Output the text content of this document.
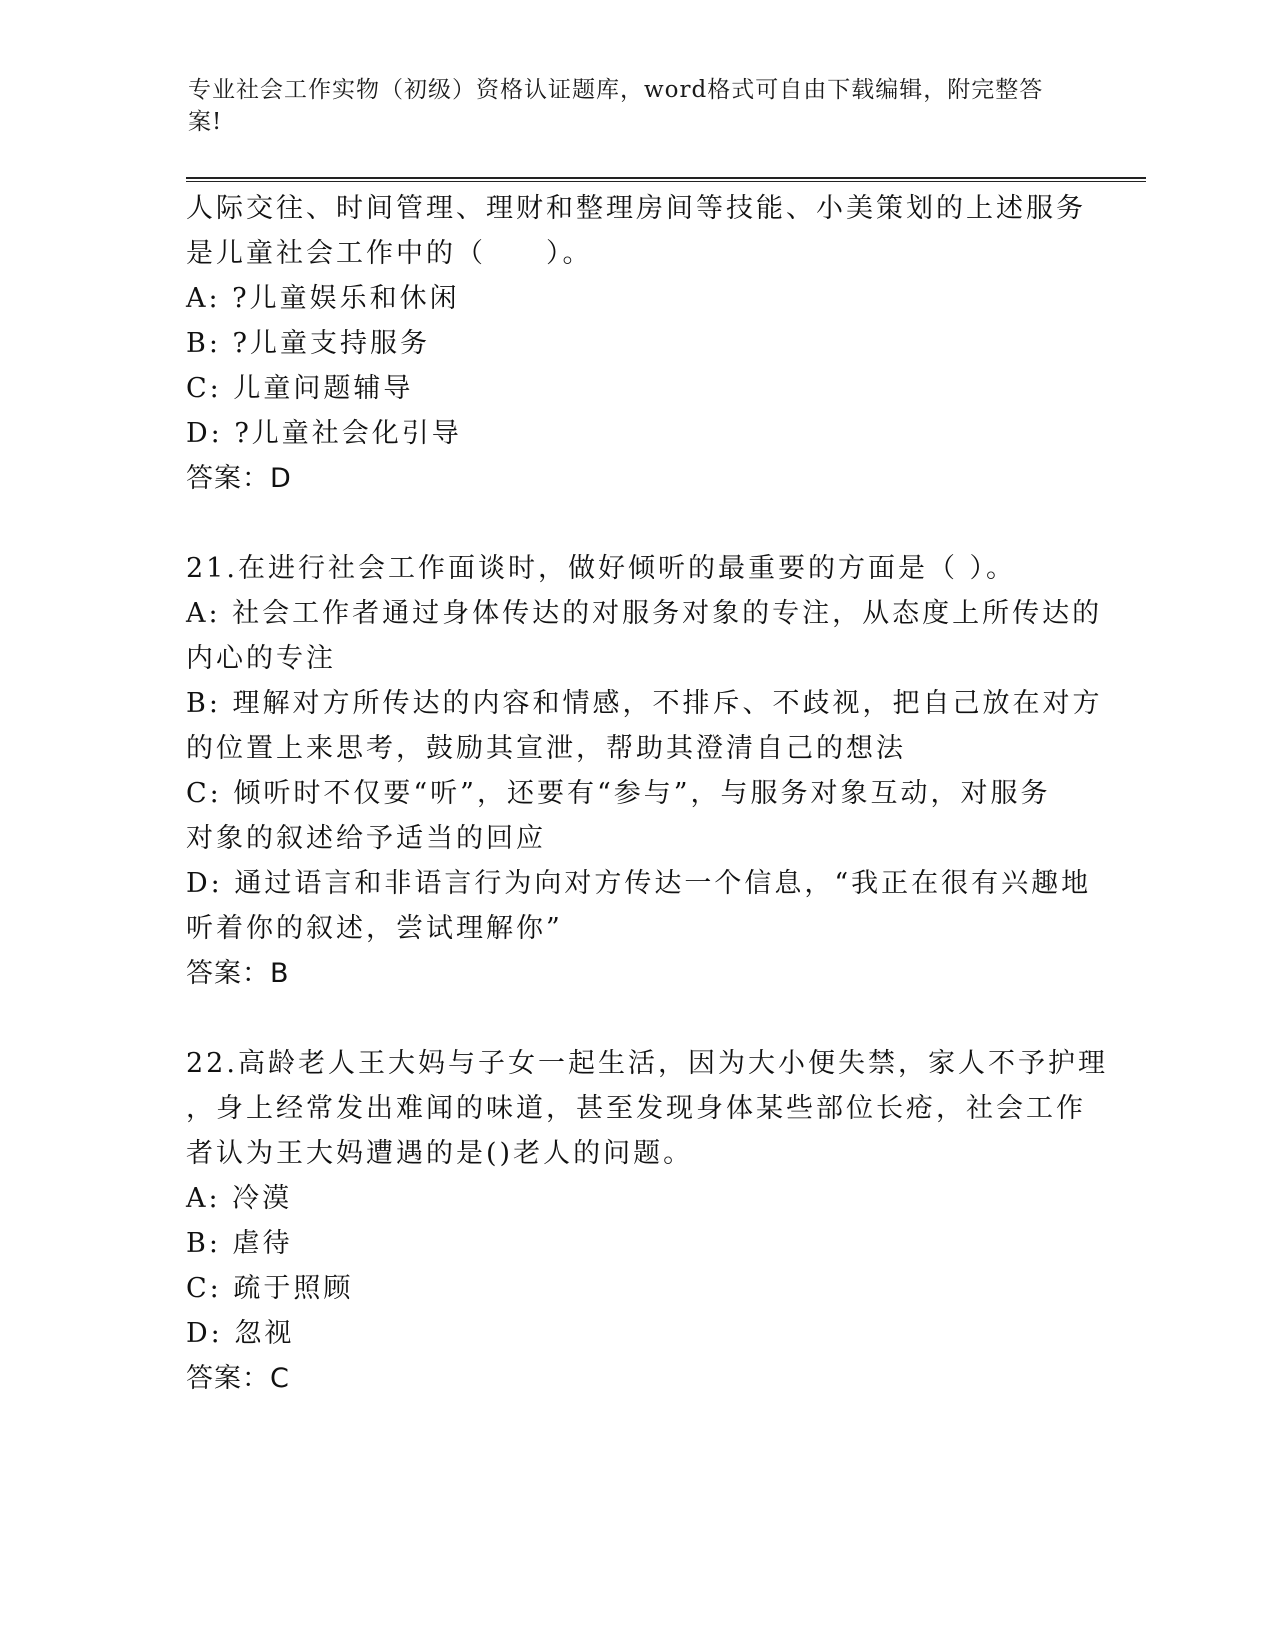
专业社会工作实物（初级）资格认证题库，word格式可自由下载编辑，附完整答
案!
人际交往、时间管理、理财和整理房间等技能、小美策划的上述服务
是儿童社会工作中的（　　）。
A: ?儿童娱乐和休闲
B: ?儿童支持服务
C: 儿童问题辅导
D: ?儿童社会化引导
答案：D
21.在进行社会工作面谈时，做好倾听的最重要的方面是（ ）。
A: 社会工作者通过身体传达的对服务对象的专注，从态度上所传达的
内心的专注
B: 理解对方所传达的内容和情感，不排斥、不歧视，把自己放在对方
的位置上来思考，鼓励其宣泄，帮助其澄清自己的想法
C: 倾听时不仅要“听”，还要有“参与”，与服务对象互动，对服务
对象的叙述给予适当的回应
D: 通过语言和非语言行为向对方传达一个信息，“我正在很有兴趣地
听着你的叙述，尝试理解你”
答案：B
22.高龄老人王大妈与子女一起生活，因为大小便失禁，家人不予护理
，身上经常发出难闻的味道，甚至发现身体某些部位长疮，社会工作
者认为王大妈遭遇的是()老人的问题。
A: 冷漠
B: 虐待
C: 疏于照顾
D: 忽视
答案：C
